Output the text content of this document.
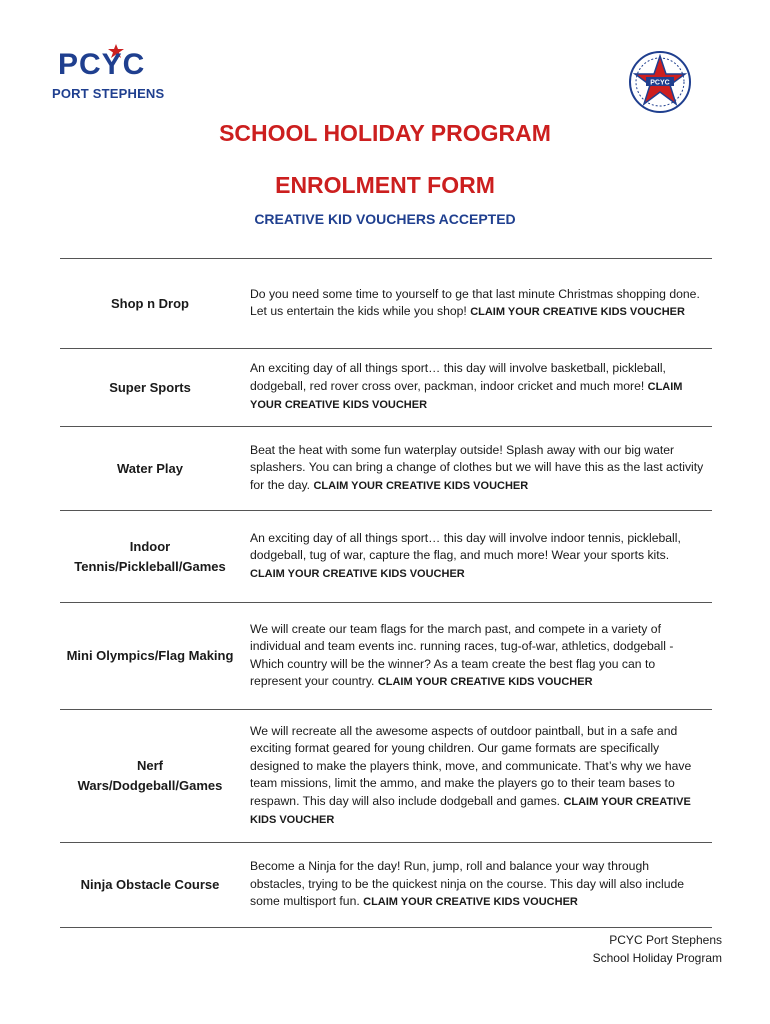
PCYC
PORT STEPHENS
PCYC
SCHOOL HOLIDAY PROGRAM
ENROLMENT FORM
CREATIVE KID VOUCHERS ACCEPTED
Shop n Drop
Do you need some time to yourself to ge that last minute Christmas shopping done. Let us entertain the kids while you shop! CLAIM YOUR CREATIVE KIDS VOUCHER
Super Sports
An exciting day of all things sport… this day will involve basketball, pickleball, dodgeball, red rover cross over, packman, indoor cricket and much more! CLAIM YOUR CREATIVE KIDS VOUCHER
Water Play
Beat the heat with some fun waterplay outside! Splash away with our big water splashers. You can bring a change of clothes but we will have this as the last activity for the day. CLAIM YOUR CREATIVE KIDS VOUCHER
Indoor Tennis/Pickleball/Games
An exciting day of all things sport… this day will involve indoor tennis, pickleball, dodgeball, tug of war, capture the flag, and much more! Wear your sports kits. CLAIM YOUR CREATIVE KIDS VOUCHER
Mini Olympics/Flag Making
We will create our team flags for the march past, and compete in a variety of individual and team events inc. running races, tug-of-war, athletics, dodgeball - Which country will be the winner? As a team create the best flag you can to represent your country. CLAIM YOUR CREATIVE KIDS VOUCHER
Nerf Wars/Dodgeball/Games
We will recreate all the awesome aspects of outdoor paintball, but in a safe and exciting format geared for young children. Our game formats are specifically designed to make the players think, move, and communicate. That’s why we have team missions, limit the ammo, and make the players go to their team bases to respawn. This day will also include dodgeball and games. CLAIM YOUR CREATIVE KIDS VOUCHER
Ninja Obstacle Course
Become a Ninja for the day! Run, jump, roll and balance your way through obstacles, trying to be the quickest ninja on the course. This day will also include some multisport fun. CLAIM YOUR CREATIVE KIDS VOUCHER
PCYC Port Stephens
School Holiday Program
